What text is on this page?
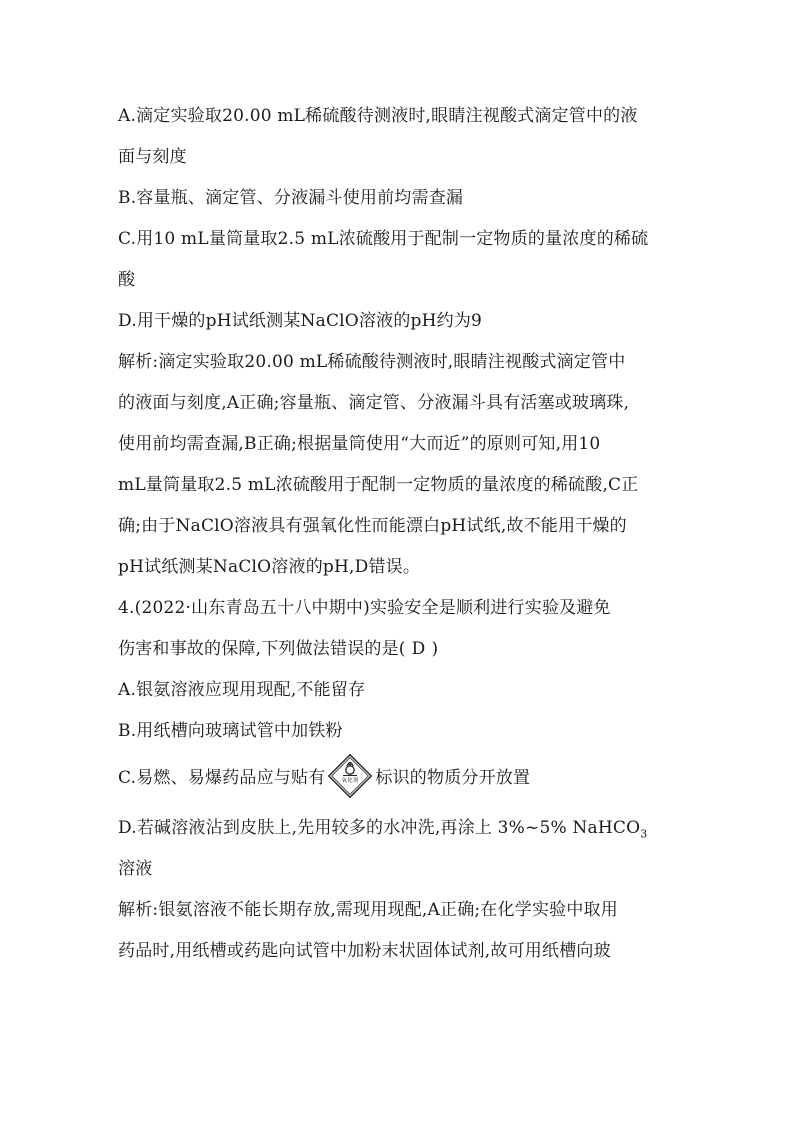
A.滴定实验取20.00 mL稀硫酸待测液时,眼睛注视酸式滴定管中的液
面与刻度
B.容量瓶、滴定管、分液漏斗使用前均需查漏
C.用10 mL量筒量取2.5 mL浓硫酸用于配制一定物质的量浓度的稀硫
酸
D.用干燥的pH试纸测某NaClO溶液的pH约为9
解析:滴定实验取20.00 mL稀硫酸待测液时,眼睛注视酸式滴定管中
的液面与刻度,A正确;容量瓶、滴定管、分液漏斗具有活塞或玻璃珠,
使用前均需查漏,B正确;根据量筒使用“大而近”的原则可知,用10
mL量筒量取2.5 mL浓硫酸用于配制一定物质的量浓度的稀硫酸,C正
确;由于NaClO溶液具有强氧化性而能漂白pH试纸,故不能用干燥的
pH试纸测某NaClO溶液的pH,D错误。
4.(2022·山东青岛五十八中期中)实验安全是顺利进行实验及避免
伤害和事故的保障,下列做法错误的是( D )
A.银氨溶液应现用现配,不能留存
B.用纸槽向玻璃试管中加铁粉
C.易燃、易爆药品应与贴有	氧化剂 标识的物质分开放置
D.若碱溶液沾到皮肤上,先用较多的水冲洗,再涂上 3%~5% NaHCO$_3$
溶液
解析:银氨溶液不能长期存放,需现用现配,A正确;在化学实验中取用
药品时,用纸槽或药匙向试管中加粉末状固体试剂,故可用纸槽向玻
